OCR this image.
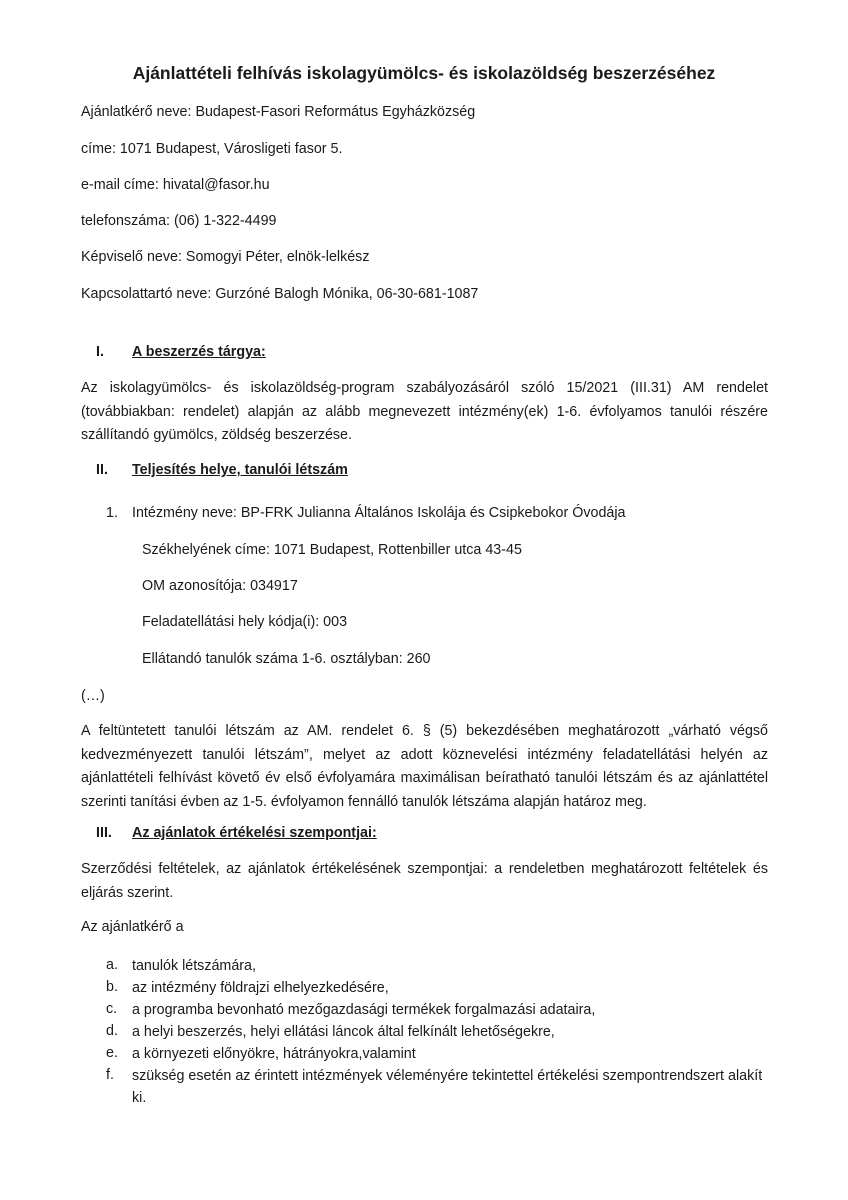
Ajánlattételi felhívás iskolagyümölcs- és iskolazöldség beszerzéséhez

Ajánlatkérő neve: Budapest-Fasori Református Egyházközség

címe: 1071 Budapest, Városligeti fasor 5.

e-mail címe: hivatal@fasor.hu

telefonszáma: (06) 1-322-4499

Képviselő neve: Somogyi Péter, elnök-lelkész

Kapcsolattartó neve: Gurzóné Balogh Mónika, 06-30-681-1087

I. A beszerzés tárgya:

Az iskolagyümölcs- és iskolazöldség-program szabályozásáról szóló 15/2021 (III.31) AM rendelet (továbbiakban: rendelet) alapján az alább megnevezett intézmény(ek) 1-6. évfolyamos tanulói részére szállítandó gyümölcs, zöldség beszerzése.

II. Teljesítés helye, tanulói létszám
1. Intézmény neve: BP-FRK Julianna Általános Iskolája és Csipkebokor Óvodája

Székhelyének címe: 1071 Budapest, Rottenbiller utca 43-45

OM azonosítója: 034917

Feladatellátási hely kódja(i): 003

Ellátandó tanulók száma 1-6. osztályban: 260

(…)

A feltüntetett tanulói létszám az AM. rendelet 6. § (5) bekezdésében meghatározott „várható végső kedvezményezett tanulói létszám”, melyet az adott köznevelési intézmény feladatellátási helyén az ajánlattételi felhívást követő év első évfolyamára maximálisan beíratható tanulói létszám és az ajánlattétel szerinti tanítási évben az 1-5. évfolyamon fennálló tanulók létszáma alapján határoz meg.

III. Az ajánlatok értékelési szempontjai:

Szerződési feltételek, az ajánlatok értékelésének szempontjai: a rendeletben meghatározott feltételek és eljárás szerint.

Az ajánlatkérő a

a. tanulók létszámára,
b. az intézmény földrajzi elhelyezkedésére,
c. a programba bevonható mezőgazdasági termékek forgalmazási adataira,
d. a helyi beszerzés, helyi ellátási láncok által felkínált lehetőségekre,
e. a környezeti előnyökre, hátrányokra,valamint
f. szükség esetén az érintett intézmények véleményére tekintettel értékelési szempontrendszert alakít ki.
